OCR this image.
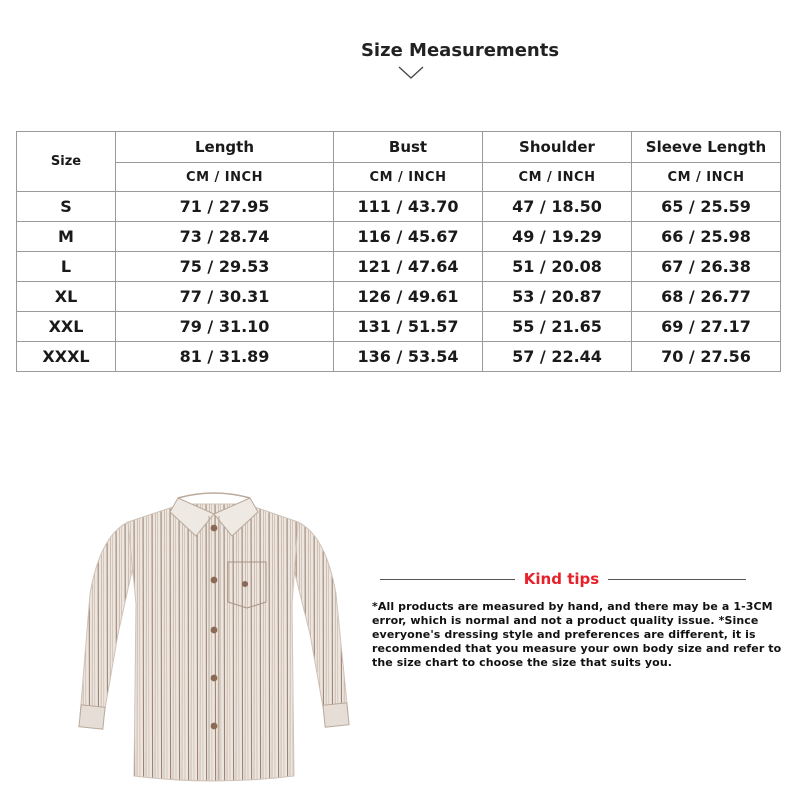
Size Measurements
Size	Length	Bust	Shoulder	Sleeve Length
	CM / INCH	CM / INCH	CM / INCH	CM / INCH
S	71 / 27.95	111 / 43.70	47 / 18.50	65 / 25.59
M	73 / 28.74	116 / 45.67	49 / 19.29	66 / 25.98
L	75 / 29.53	121 / 47.64	51 / 20.08	67 / 26.38
XL	77 / 30.31	126 / 49.61	53 / 20.87	68 / 26.77
XXL	79 / 31.10	131 / 51.57	55 / 21.65	69 / 27.17
XXXL	81 / 31.89	136 / 53.54	57 / 22.44	70 / 27.56
Kind tips
*All products are measured by hand, and there may be a 1-3CM error, which is normal and not a product quality issue. *Since everyone's dressing style and preferences are different, it is recommended that you measure your own body size and refer to the size chart to choose the size that suits you.
